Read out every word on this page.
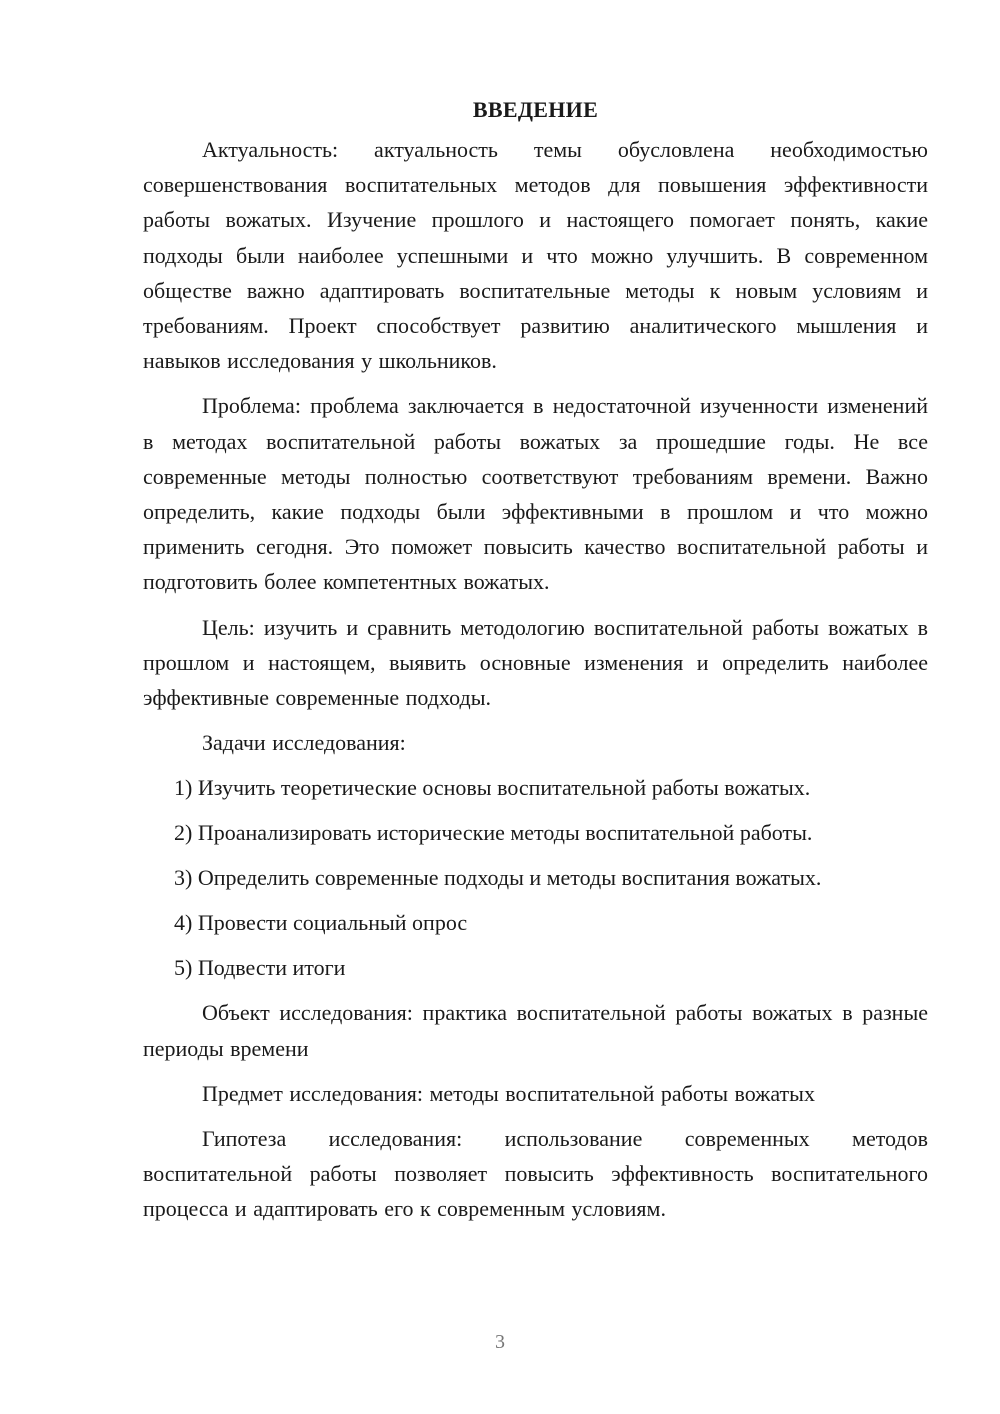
ВВЕДЕНИЕ

Актуальность: актуальность темы обусловлена необходимостью совершенствования воспитательных методов для повышения эффективности работы вожатых. Изучение прошлого и настоящего помогает понять, какие подходы были наиболее успешными и что можно улучшить. В современном обществе важно адаптировать воспитательные методы к новым условиям и требованиям. Проект способствует развитию аналитического мышления и навыков исследования у школьников.

Проблема: проблема заключается в недостаточной изученности изменений в методах воспитательной работы вожатых за прошедшие годы. Не все современные методы полностью соответствуют требованиям времени. Важно определить, какие подходы были эффективными в прошлом и что можно применить сегодня. Это поможет повысить качество воспитательной работы и подготовить более компетентных вожатых.

Цель: изучить и сравнить методологию воспитательной работы вожатых в прошлом и настоящем, выявить основные изменения и определить наиболее эффективные современные подходы.

Задачи исследования:

1) Изучить теоретические основы воспитательной работы вожатых.
2) Проанализировать исторические методы воспитательной работы.
3) Определить современные подходы и методы воспитания вожатых.
4) Провести социальный опрос
5) Подвести итоги

Объект исследования: практика воспитательной работы вожатых в разные периоды времени

Предмет исследования: методы воспитательной работы вожатых

Гипотеза исследования: использование современных методов воспитательной работы позволяет повысить эффективность воспитательного процесса и адаптировать его к современным условиям.

3
